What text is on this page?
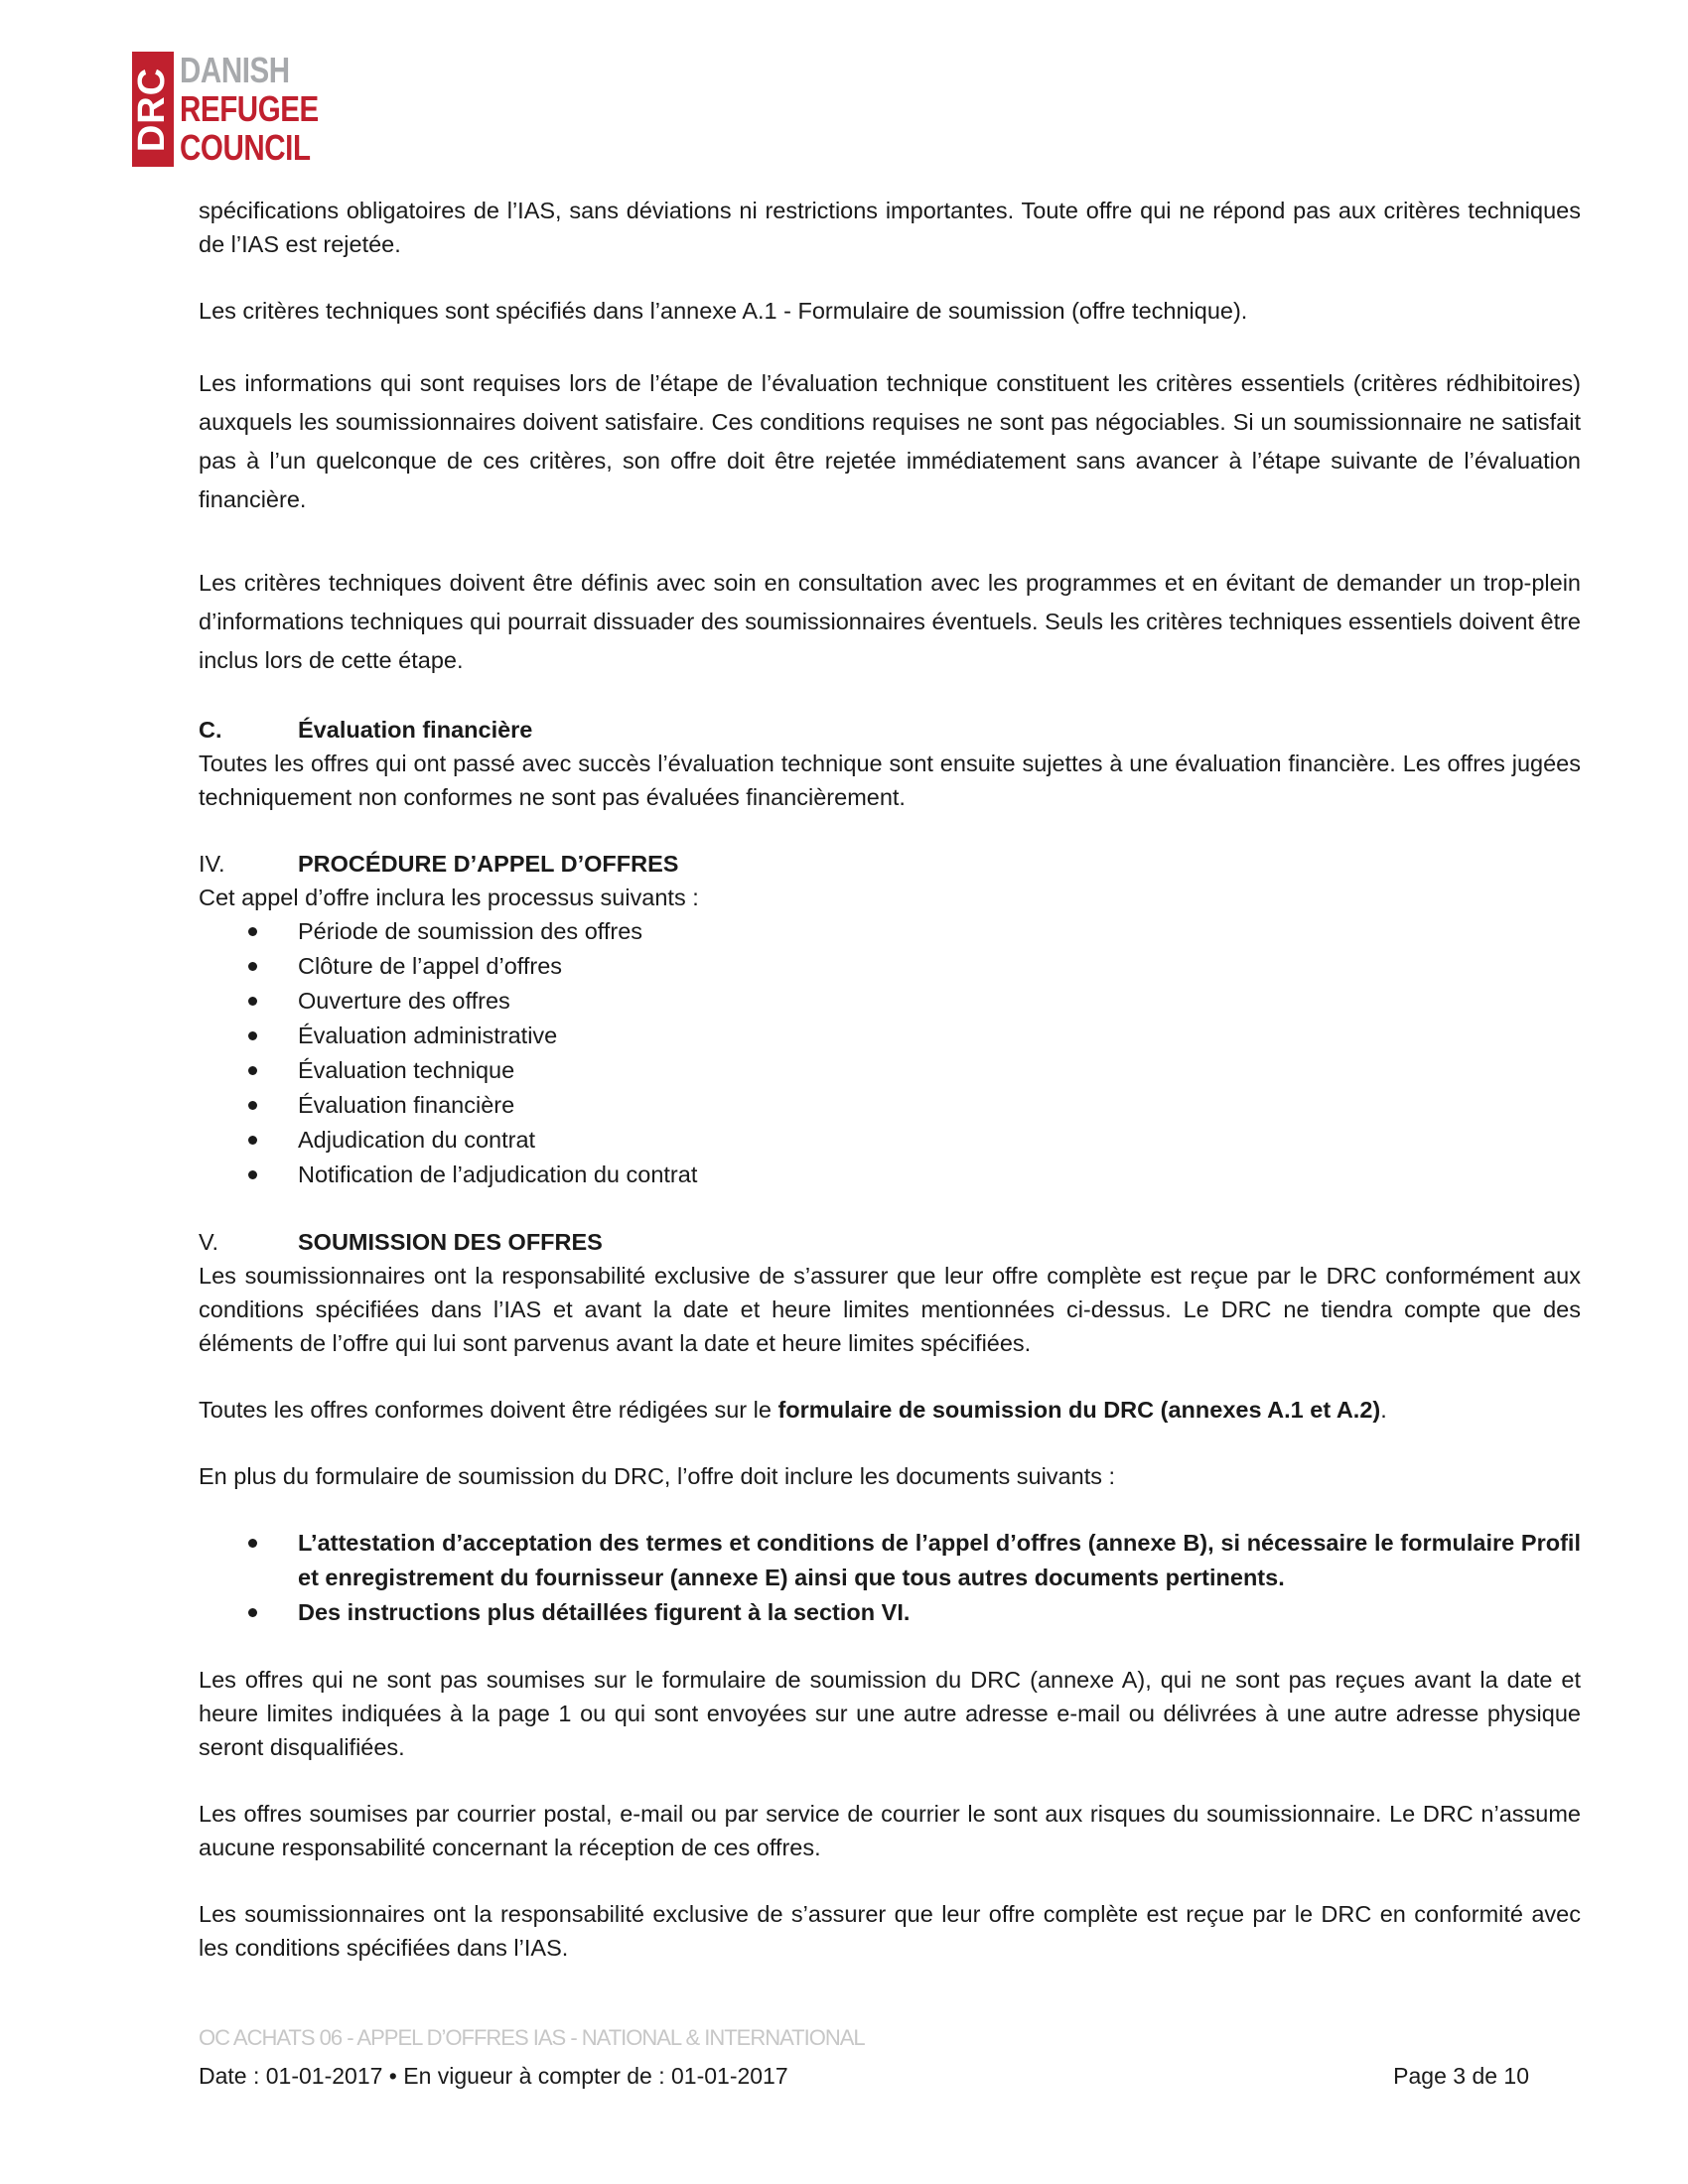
DRC DANISH
REFUGEE
COUNCIL

spécifications obligatoires de l’IAS, sans déviations ni restrictions importantes. Toute offre qui ne répond pas aux critères techniques de l’IAS est rejetée.

Les critères techniques sont spécifiés dans l’annexe A.1 - Formulaire de soumission (offre technique).

Les informations qui sont requises lors de l’étape de l’évaluation technique constituent les critères essentiels (critères rédhibitoires) auxquels les soumissionnaires doivent satisfaire. Ces conditions requises ne sont pas négociables. Si un soumissionnaire ne satisfait pas à l’un quelconque de ces critères, son offre doit être rejetée immédiatement sans avancer à l’étape suivante de l’évaluation financière.

Les critères techniques doivent être définis avec soin en consultation avec les programmes et en évitant de demander un trop-plein d’informations techniques qui pourrait dissuader des soumissionnaires éventuels. Seuls les critères techniques essentiels doivent être inclus lors de cette étape.

C.	Évaluation financière

Toutes les offres qui ont passé avec succès l’évaluation technique sont ensuite sujettes à une évaluation financière. Les offres jugées techniquement non conformes ne sont pas évaluées financièrement.

IV.	PROCÉDURE D’APPEL D’OFFRES

Cet appel d’offre inclura les processus suivants :

Période de soumission des offres
Clôture de l’appel d’offres
Ouverture des offres
Évaluation administrative
Évaluation technique
Évaluation financière
Adjudication du contrat
Notification de l’adjudication du contrat
V.	SOUMISSION DES OFFRES

Les soumissionnaires ont la responsabilité exclusive de s’assurer que leur offre complète est reçue par le DRC conformément aux conditions spécifiées dans l’IAS et avant la date et heure limites mentionnées ci-dessus. Le DRC ne tiendra compte que des éléments de l’offre qui lui sont parvenus avant la date et heure limites spécifiées.

Toutes les offres conformes doivent être rédigées sur le formulaire de soumission du DRC (annexes A.1 et A.2).

En plus du formulaire de soumission du DRC, l’offre doit inclure les documents suivants :

L’attestation d’acceptation des termes et conditions de l’appel d’offres (annexe B), si nécessaire le formulaire Profil et enregistrement du fournisseur (annexe E) ainsi que tous autres documents pertinents.
Des instructions plus détaillées figurent à la section VI.

Les offres qui ne sont pas soumises sur le formulaire de soumission du DRC (annexe A), qui ne sont pas reçues avant la date et heure limites indiquées à la page 1 ou qui sont envoyées sur une autre adresse e-mail ou délivrées à une autre adresse physique seront disqualifiées.

Les offres soumises par courrier postal, e-mail ou par service de courrier le sont aux risques du soumissionnaire. Le DRC n’assume aucune responsabilité concernant la réception de ces offres.

Les soumissionnaires ont la responsabilité exclusive de s’assurer que leur offre complète est reçue par le DRC en conformité avec les conditions spécifiées dans l’IAS.

OC ACHATS 06 - APPEL D’OFFRES IAS - NATIONAL & INTERNATIONAL
Date : 01-01-2017 • En vigueur à compter de : 01-01-2017	Page 3 de 10
